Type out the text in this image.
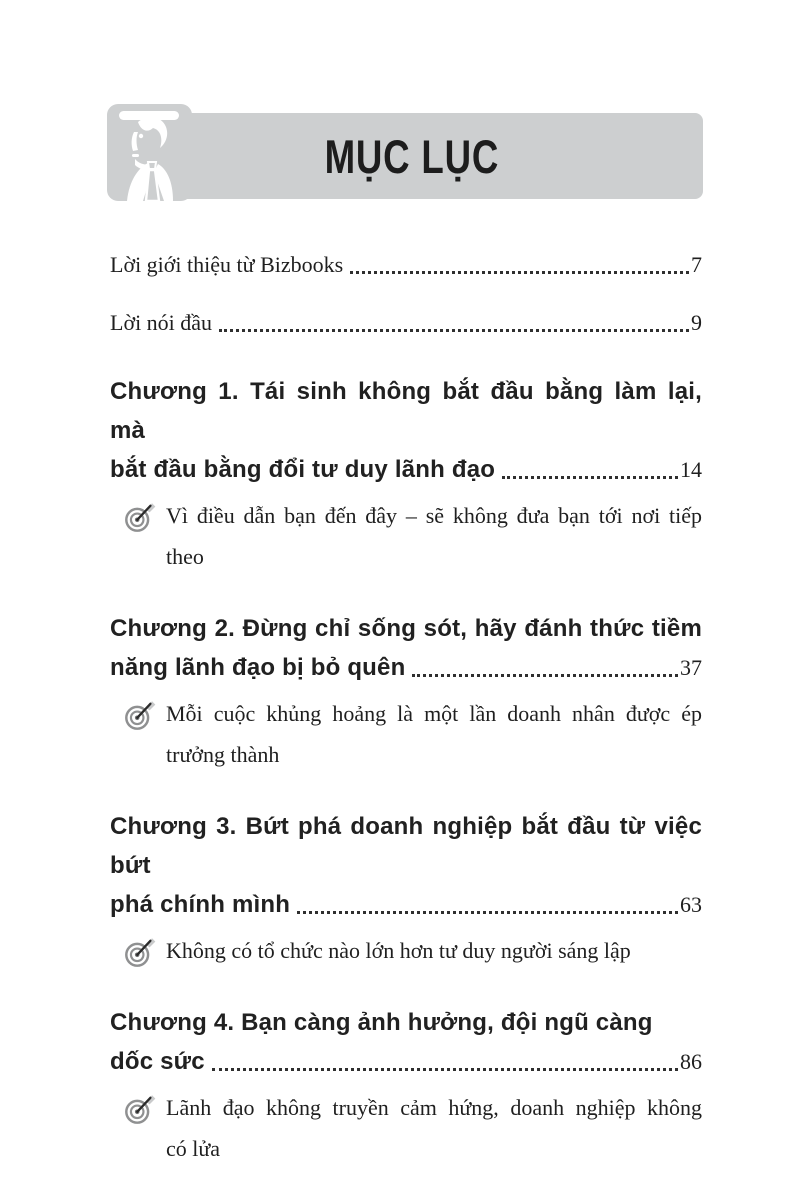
MỤC LỤC
Lời giới thiệu từ Bizbooks	7
Lời nói đầu	9
Chương 1. Tái sinh không bắt đầu bằng làm lại, mà
bắt đầu bằng đổi tư duy lãnh đạo	14
Vì điều dẫn bạn đến đây – sẽ không đưa bạn tới nơi tiếp theo
Chương 2. Đừng chỉ sống sót, hãy đánh thức tiềm
năng lãnh đạo bị bỏ quên	37
Mỗi cuộc khủng hoảng là một lần doanh nhân được ép
trưởng thành
Chương 3. Bứt phá doanh nghiệp bắt đầu từ việc bứt
phá chính mình	63
Không có tổ chức nào lớn hơn tư duy người sáng lập
Chương 4. Bạn càng ảnh hưởng, đội ngũ càng
dốc sức	86
Lãnh đạo không truyền cảm hứng, doanh nghiệp không
có lửa
